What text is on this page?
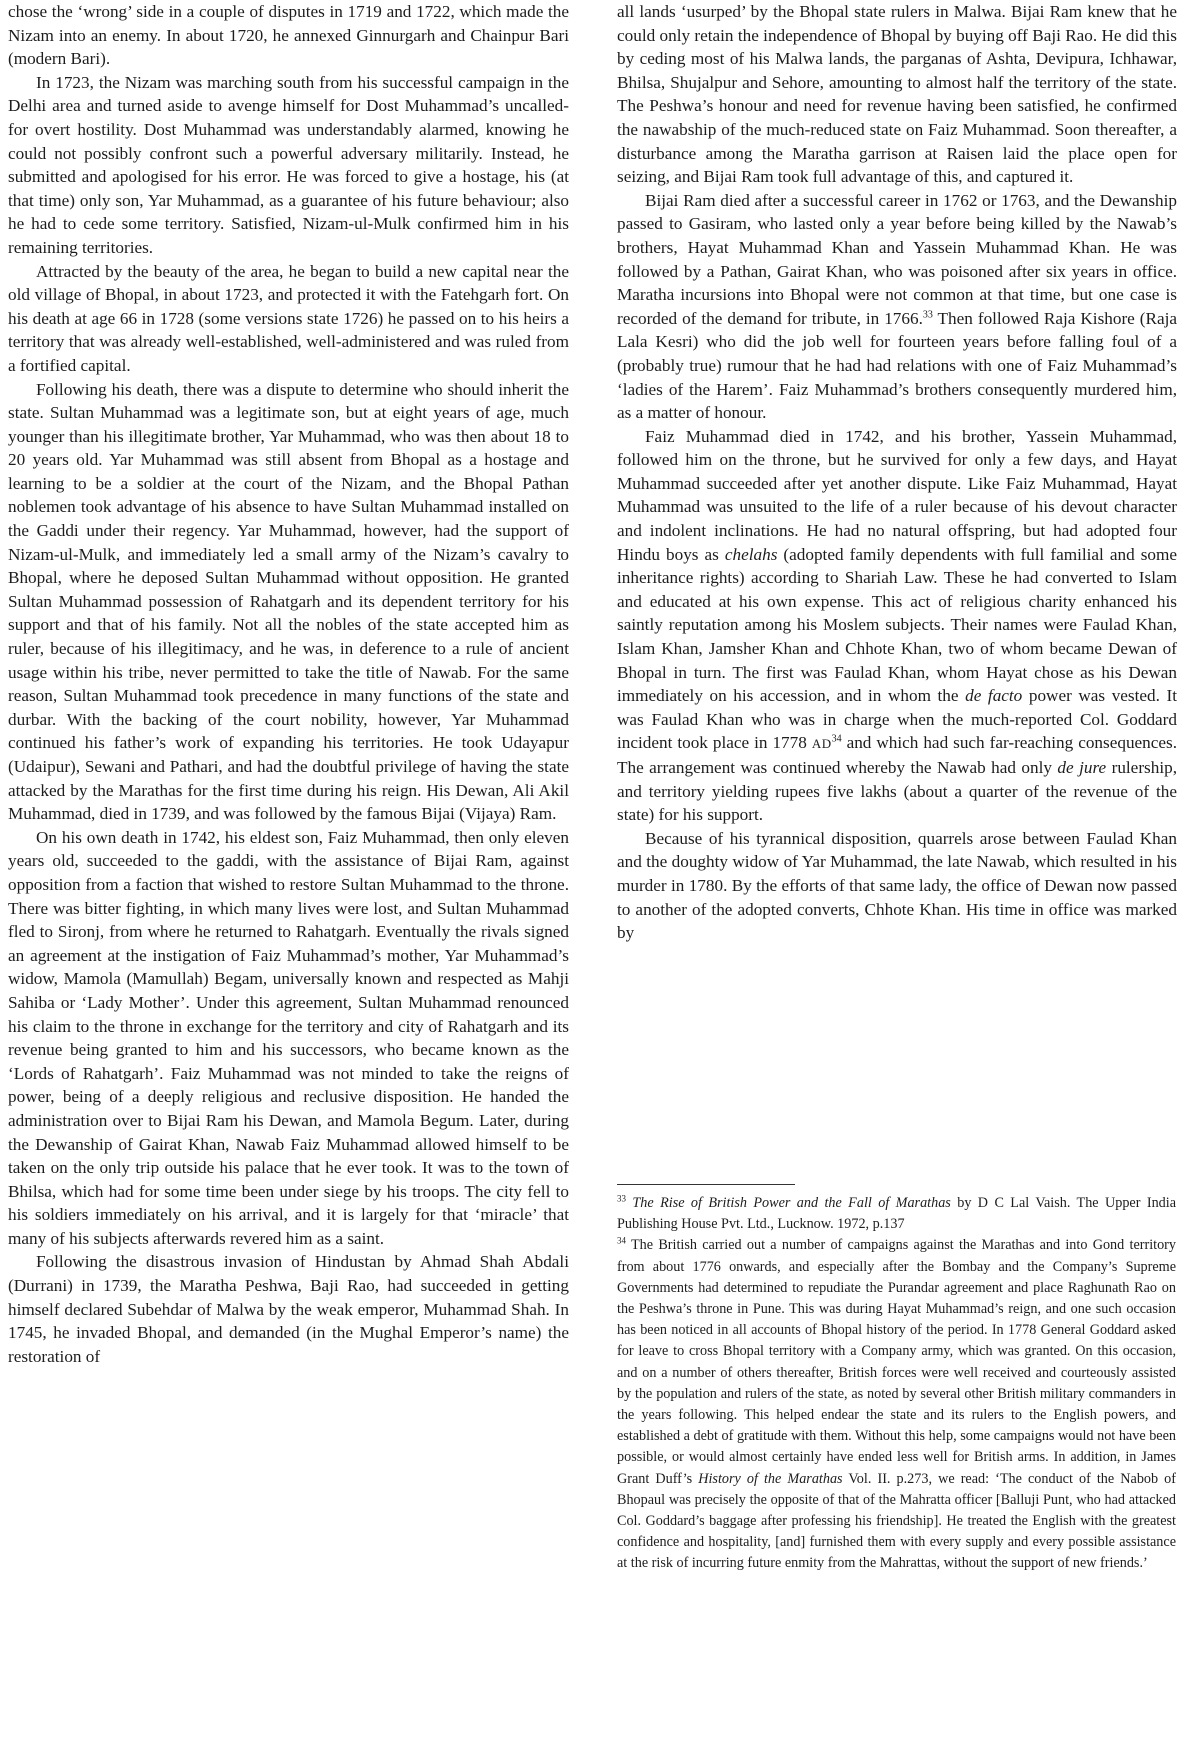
chose the ‘wrong’ side in a couple of disputes in 1719 and 1722, which made the Nizam into an enemy. In about 1720, he annexed Ginnurgarh and Chainpur Bari (modern Bari).

In 1723, the Nizam was marching south from his successful campaign in the Delhi area and turned aside to avenge himself for Dost Muhammad’s uncalled-for overt hostility. Dost Muhammad was understandably alarmed, knowing he could not possibly confront such a powerful adversary militarily. Instead, he submitted and apologised for his error. He was forced to give a hostage, his (at that time) only son, Yar Muhammad, as a guarantee of his future behaviour; also he had to cede some territory. Satisfied, Nizam-ul-Mulk confirmed him in his remaining territories.

Attracted by the beauty of the area, he began to build a new capital near the old village of Bhopal, in about 1723, and protected it with the Fatehgarh fort. On his death at age 66 in 1728 (some versions state 1726) he passed on to his heirs a territory that was already well-established, well-administered and was ruled from a fortified capital.

Following his death, there was a dispute to determine who should inherit the state. Sultan Muhammad was a legitimate son, but at eight years of age, much younger than his illegitimate brother, Yar Muhammad, who was then about 18 to 20 years old. Yar Muhammad was still absent from Bhopal as a hostage and learning to be a soldier at the court of the Nizam, and the Bhopal Pathan noblemen took advantage of his absence to have Sultan Muhammad installed on the Gaddi under their regency. Yar Muhammad, however, had the support of Nizam-ul-Mulk, and immediately led a small army of the Nizam’s cavalry to Bhopal, where he deposed Sultan Muhammad without opposition. He granted Sultan Muhammad possession of Rahatgarh and its dependent territory for his support and that of his family. Not all the nobles of the state accepted him as ruler, because of his illegitimacy, and he was, in deference to a rule of ancient usage within his tribe, never permitted to take the title of Nawab. For the same reason, Sultan Muhammad took precedence in many functions of the state and durbar. With the backing of the court nobility, however, Yar Muhammad continued his father’s work of expanding his territories. He took Udayapur (Udaipur), Sewani and Pathari, and had the doubtful privilege of having the state attacked by the Marathas for the first time during his reign. His Dewan, Ali Akil Muhammad, died in 1739, and was followed by the famous Bijai (Vijaya) Ram.

On his own death in 1742, his eldest son, Faiz Muhammad, then only eleven years old, succeeded to the gaddi, with the assistance of Bijai Ram, against opposition from a faction that wished to restore Sultan Muhammad to the throne. There was bitter fighting, in which many lives were lost, and Sultan Muhammad fled to Sironj, from where he returned to Rahatgarh. Eventually the rivals signed an agreement at the instigation of Faiz Muhammad’s mother, Yar Muhammad’s widow, Mamola (Mamullah) Begam, universally known and respected as Mahji Sahiba or ‘Lady Mother’. Under this agreement, Sultan Muhammad renounced his claim to the throne in exchange for the territory and city of Rahatgarh and its revenue being granted to him and his successors, who became known as the ‘Lords of Rahatgarh’. Faiz Muhammad was not minded to take the reigns of power, being of a deeply religious and reclusive disposition. He handed the administration over to Bijai Ram his Dewan, and Mamola Begum. Later, during the Dewanship of Gairat Khan, Nawab Faiz Muhammad allowed himself to be taken on the only trip outside his palace that he ever took. It was to the town of Bhilsa, which had for some time been under siege by his troops. The city fell to his soldiers immediately on his arrival, and it is largely for that ‘miracle’ that many of his subjects afterwards revered him as a saint.

Following the disastrous invasion of Hindustan by Ahmad Shah Abdali (Durrani) in 1739, the Maratha Peshwa, Baji Rao, had succeeded in getting himself declared Subehdar of Malwa by the weak emperor, Muhammad Shah. In 1745, he invaded Bhopal, and demanded (in the Mughal Emperor’s name) the restoration of

all lands ‘usurped’ by the Bhopal state rulers in Malwa. Bijai Ram knew that he could only retain the independence of Bhopal by buying off Baji Rao. He did this by ceding most of his Malwa lands, the parganas of Ashta, Devipura, Ichhawar, Bhilsa, Shujalpur and Sehore, amounting to almost half the territory of the state. The Peshwa’s honour and need for revenue having been satisfied, he confirmed the nawabship of the much-reduced state on Faiz Muhammad. Soon thereafter, a disturbance among the Maratha garrison at Raisen laid the place open for seizing, and Bijai Ram took full advantage of this, and captured it.

Bijai Ram died after a successful career in 1762 or 1763, and the Dewanship passed to Gasiram, who lasted only a year before being killed by the Nawab’s brothers, Hayat Muhammad Khan and Yassein Muhammad Khan. He was followed by a Pathan, Gairat Khan, who was poisoned after six years in office. Maratha incursions into Bhopal were not common at that time, but one case is recorded of the demand for tribute, in 1766.33 Then followed Raja Kishore (Raja Lala Kesri) who did the job well for fourteen years before falling foul of a (probably true) rumour that he had had relations with one of Faiz Muhammad’s ‘ladies of the Harem’. Faiz Muhammad’s brothers consequently murdered him, as a matter of honour.

Faiz Muhammad died in 1742, and his brother, Yassein Muhammad, followed him on the throne, but he survived for only a few days, and Hayat Muhammad succeeded after yet another dispute. Like Faiz Muhammad, Hayat Muhammad was unsuited to the life of a ruler because of his devout character and indolent inclinations. He had no natural offspring, but had adopted four Hindu boys as chelahs (adopted family dependents with full familial and some inheritance rights) according to Shariah Law. These he had converted to Islam and educated at his own expense. This act of religious charity enhanced his saintly reputation among his Moslem subjects. Their names were Faulad Khan, Islam Khan, Jamsher Khan and Chhote Khan, two of whom became Dewan of Bhopal in turn. The first was Faulad Khan, whom Hayat chose as his Dewan immediately on his accession, and in whom the de facto power was vested. It was Faulad Khan who was in charge when the much-reported Col. Goddard incident took place in 1778 AD$^{34}$ and which had such far-reaching consequences. The arrangement was continued whereby the Nawab had only de jure rulership, and territory yielding rupees five lakhs (about a quarter of the revenue of the state) for his support.

Because of his tyrannical disposition, quarrels arose between Faulad Khan and the doughty widow of Yar Muhammad, the late Nawab, which resulted in his murder in 1780. By the efforts of that same lady, the office of Dewan now passed to another of the adopted converts, Chhote Khan. His time in office was marked by

$^{33}$ The Rise of British Power and the Fall of Marathas by D C Lal Vaish. The Upper India Publishing House Pvt. Ltd., Lucknow. 1972, p.137

$^{34}$ The British carried out a number of campaigns against the Marathas and into Gond territory from about 1776 onwards, and especially after the Bombay and the Company’s Supreme Governments had determined to repudiate the Purandar agreement and place Raghunath Rao on the Peshwa’s throne in Pune. This was during Hayat Muhammad’s reign, and one such occasion has been noticed in all accounts of Bhopal history of the period. In 1778 General Goddard asked for leave to cross Bhopal territory with a Company army, which was granted. On this occasion, and on a number of others thereafter, British forces were well received and courteously assisted by the population and rulers of the state, as noted by several other British military commanders in the years following. This helped endear the state and its rulers to the English powers, and established a debt of gratitude with them. Without this help, some campaigns would not have been possible, or would almost certainly have ended less well for British arms. In addition, in James Grant Duff’s History of the Marathas Vol. II. p.273, we read: ‘The conduct of the Nabob of Bhopaul was precisely the opposite of that of the Mahratta officer [Balluji Punt, who had attacked Col. Goddard’s baggage after professing his friendship]. He treated the English with the greatest confidence and hospitality, [and] furnished them with every supply and every possible assistance at the risk of incurring future enmity from the Mahrattas, without the support of new friends.’
